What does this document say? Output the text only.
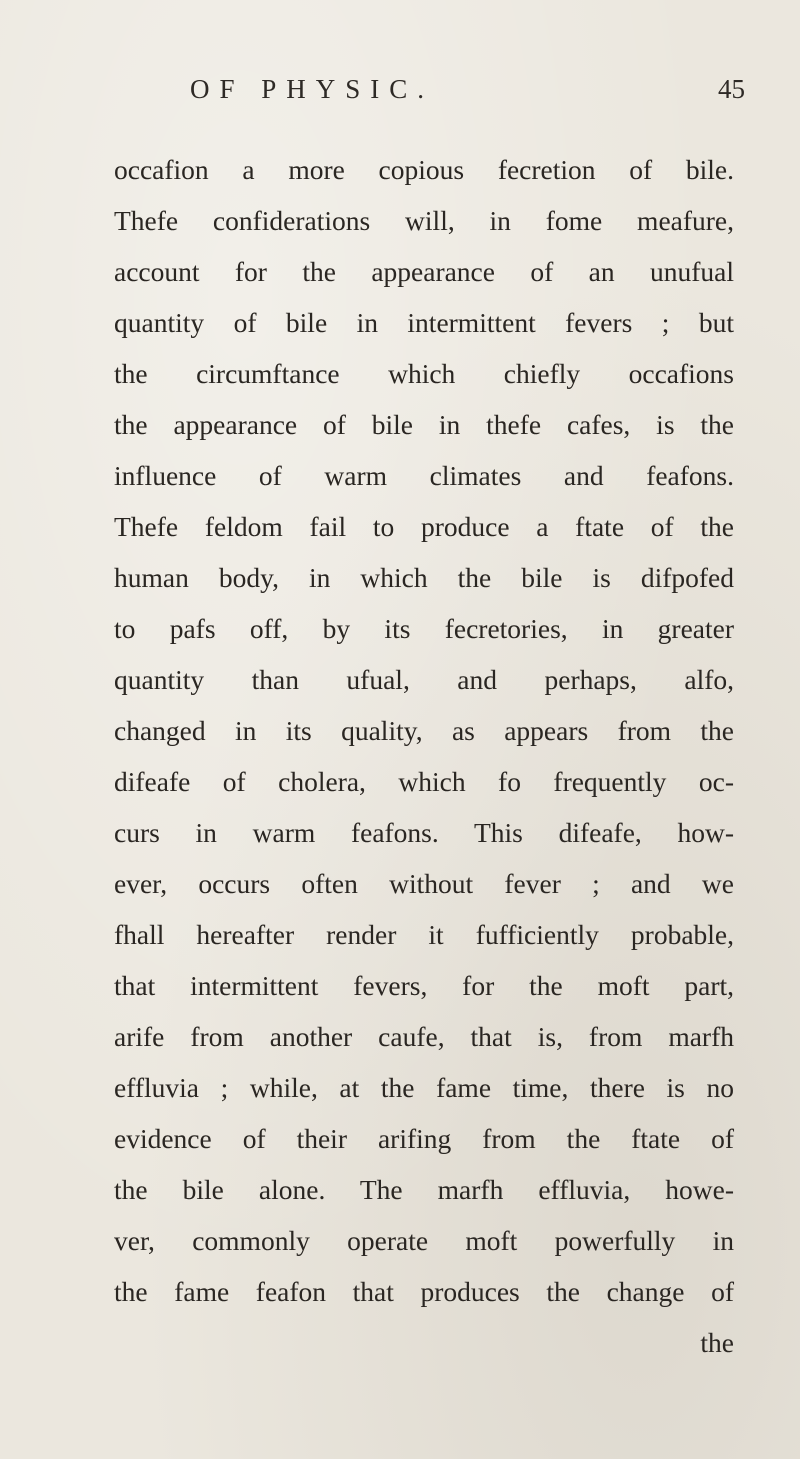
OF PHYSIC.	45
occafion a more copious fecretion of bile.
Thefe confiderations will, in fome meafure,
account for the appearance of an unufual
quantity of bile in intermittent fevers ; but
the circumftance which chiefly occafions
the appearance of bile in thefe cafes, is the
influence of warm climates and feafons.
Thefe feldom fail to produce a ftate of the
human body, in which the bile is difpofed
to pafs off, by its fecretories, in greater
quantity than ufual, and perhaps, alfo,
changed in its quality, as appears from the
difeafe of cholera, which fo frequently oc-
curs in warm feafons. This difeafe, how-
ever, occurs often without fever ; and we
fhall hereafter render it fufficiently probable,
that intermittent fevers, for the moft part,
arife from another caufe, that is, from marfh
effluvia ; while, at the fame time, there is no
evidence of their arifing from the ftate of
the bile alone. The marfh effluvia, howe-
ver, commonly operate moft powerfully in
the fame feafon that produces the change of
the
